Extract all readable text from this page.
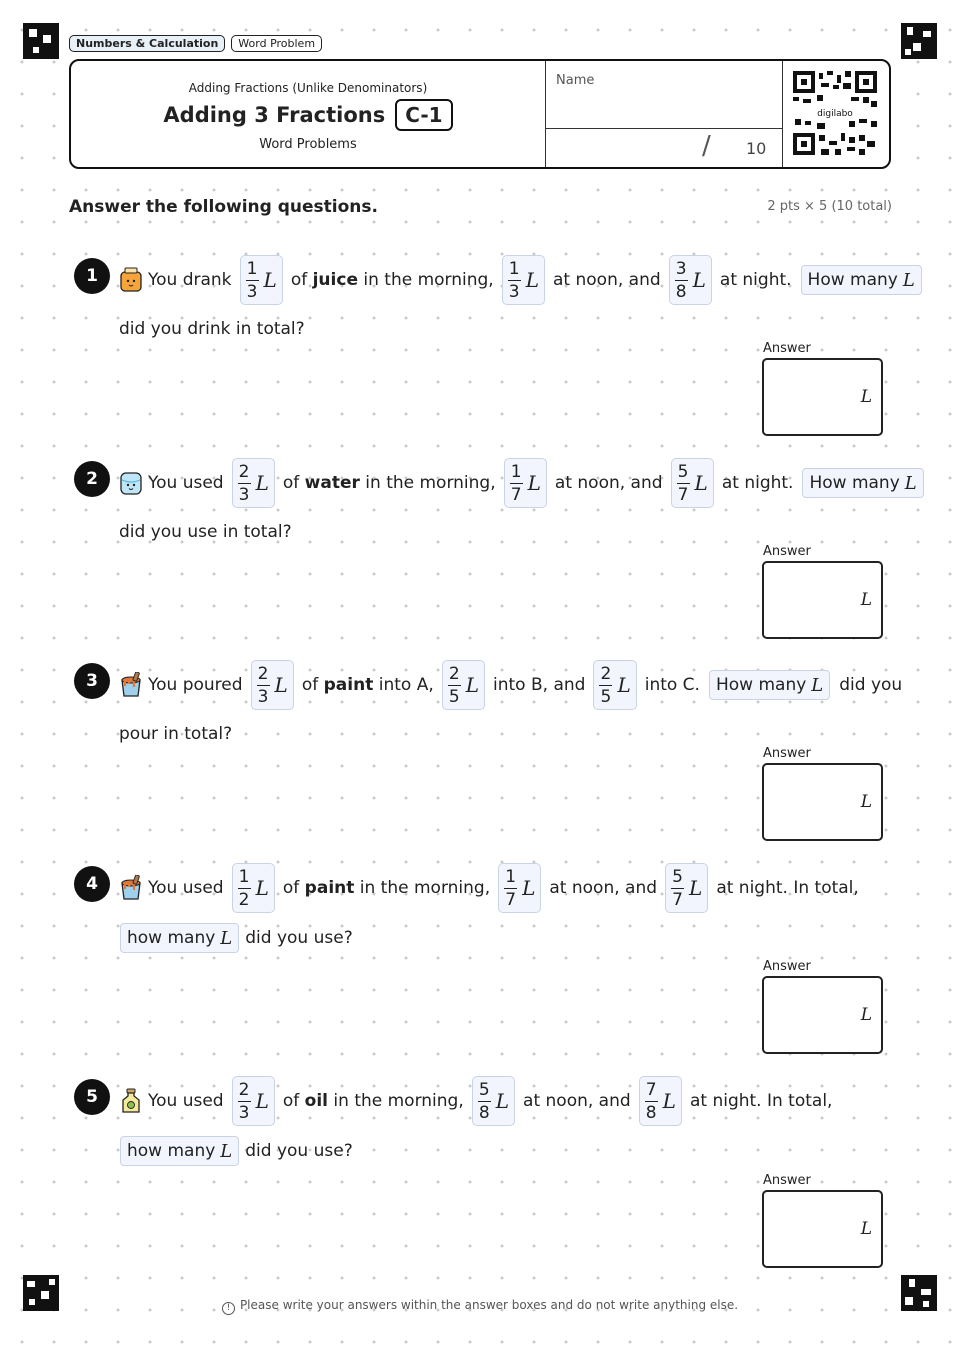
Numbers & Calculation	Word Problem
Adding Fractions (Unlike Denominators)
Adding 3 Fractions	C-1
Word Problems
Name
/ 10
digilabo
Answer the following questions.	2 pts × 5 (10 total)
1	You drank $\frac{1}{3}$ L of juice in the morning, $\frac{1}{3}$ L at noon, and $\frac{3}{8}$ L at night. How many L
did you drink in total?
Answer
L
2	You used $\frac{2}{3}$ L of water in the morning, $\frac{1}{7}$ L at noon, and $\frac{5}{7}$ L at night. How many L
did you use in total?
Answer
L
3	You poured $\frac{2}{3}$ L of paint into A, $\frac{2}{5}$ L into B, and $\frac{2}{5}$ L into C. How many L did you
pour in total?
Answer
L
4	You used $\frac{1}{2}$ L of paint in the morning, $\frac{1}{7}$ L at noon, and $\frac{5}{7}$ L at night. In total,
how many L did you use?
Answer
L
5	You used $\frac{2}{3}$ L of oil in the morning, $\frac{5}{8}$ L at noon, and $\frac{7}{8}$ L at night. In total,
how many L did you use?
Answer
L
! Please write your answers within the answer boxes and do not write anything else.
